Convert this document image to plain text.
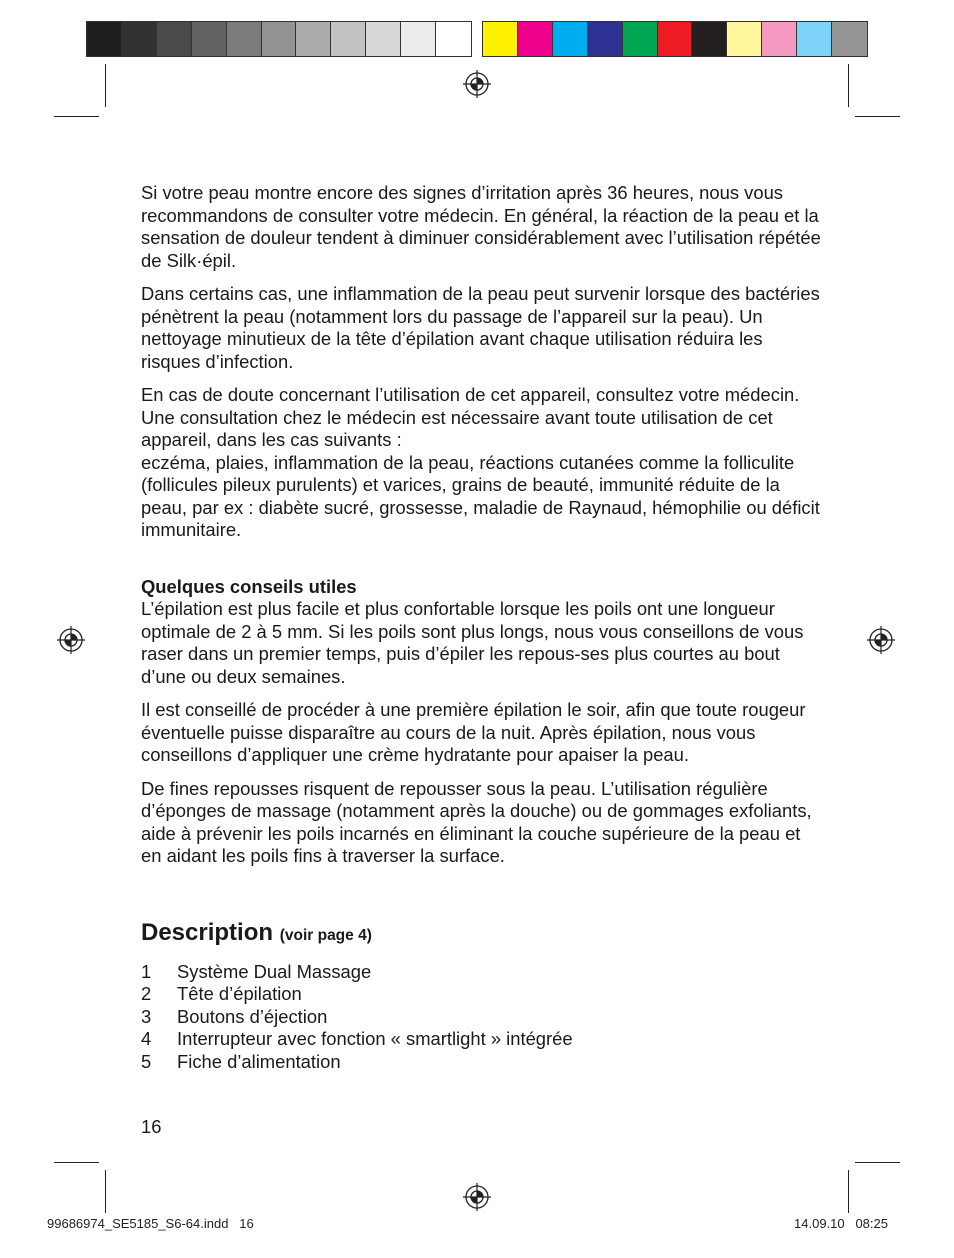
Si votre peau montre encore des signes d’irritation après 36 heures, nous vous recommandons de consulter votre médecin. En général, la réaction de la peau et la sensation de douleur tendent à diminuer considérablement avec l’utilisation répétée de Silk·épil.

Dans certains cas, une inflammation de la peau peut survenir lorsque des bactéries pénètrent la peau (notamment lors du passage de l’appareil sur la peau). Un nettoyage minutieux de la tête d’épilation avant chaque utilisation réduira les risques d’infection.

En cas de doute concernant l’utilisation de cet appareil, consultez votre médecin. Une consultation chez le médecin est nécessaire avant toute utilisation de cet appareil, dans les cas suivants :
eczéma, plaies, inflammation de la peau, réactions cutanées comme la folliculite (follicules pileux purulents) et varices, grains de beauté, immunité réduite de la peau, par ex : diabète sucré, grossesse, maladie de Raynaud, hémophilie ou déficit immunitaire.

Quelques conseils utiles
L’épilation est plus facile et plus confortable lorsque les poils ont une longueur optimale de 2 à 5 mm. Si les poils sont plus longs, nous vous conseillons de vous raser dans un premier temps, puis d’épiler les repous-ses plus courtes au bout d’une ou deux semaines.

Il est conseillé de procéder à une première épilation le soir, afin que toute rougeur éventuelle puisse disparaître au cours de la nuit. Après épilation, nous vous conseillons d’appliquer une crème hydratante pour apaiser la peau.

De fines repousses risquent de repousser sous la peau. L’utilisation régulière d’éponges de massage (notamment après la douche) ou de gommages exfoliants, aide à prévenir les poils incarnés en éliminant la couche supérieure de la peau et en aidant les poils fins à traverser la surface.

Description (voir page 4)
1	Système Dual Massage
2	Tête d’épilation
3	Boutons d’éjection
4	Interrupteur avec fonction « smartlight » intégrée
5	Fiche d’alimentation
16
99686974_SE5185_S6-64.indd   16	14.09.10   08:25
